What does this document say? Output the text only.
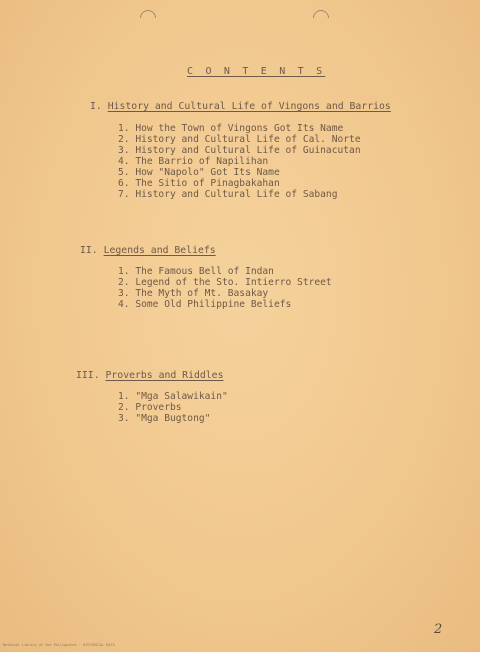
C O N T E N T S
I. History and Cultural Life of Vingons and Barrios
1. How the Town of Vingons Got Its Name
2. History and Cultural Life of Cal. Norte
3. History and Cultural Life of Guinacutan
4. The Barrio of Napilihan
5. How "Napolo" Got Its Name
6. The Sitio of Pinagbakahan
7. History and Cultural Life of Sabang
II. Legends and Beliefs
1. The Famous Bell of Indan
2. Legend of the Sto. Intierro Street
3. The Myth of Mt. Basakay
4. Some Old Philippine Beliefs
III. Proverbs and Riddles
1. "Mga Salawikain"
2. Proverbs
3. "Mga Bugtong"
2
National Library of the Philippines · HISTORICAL DATA
